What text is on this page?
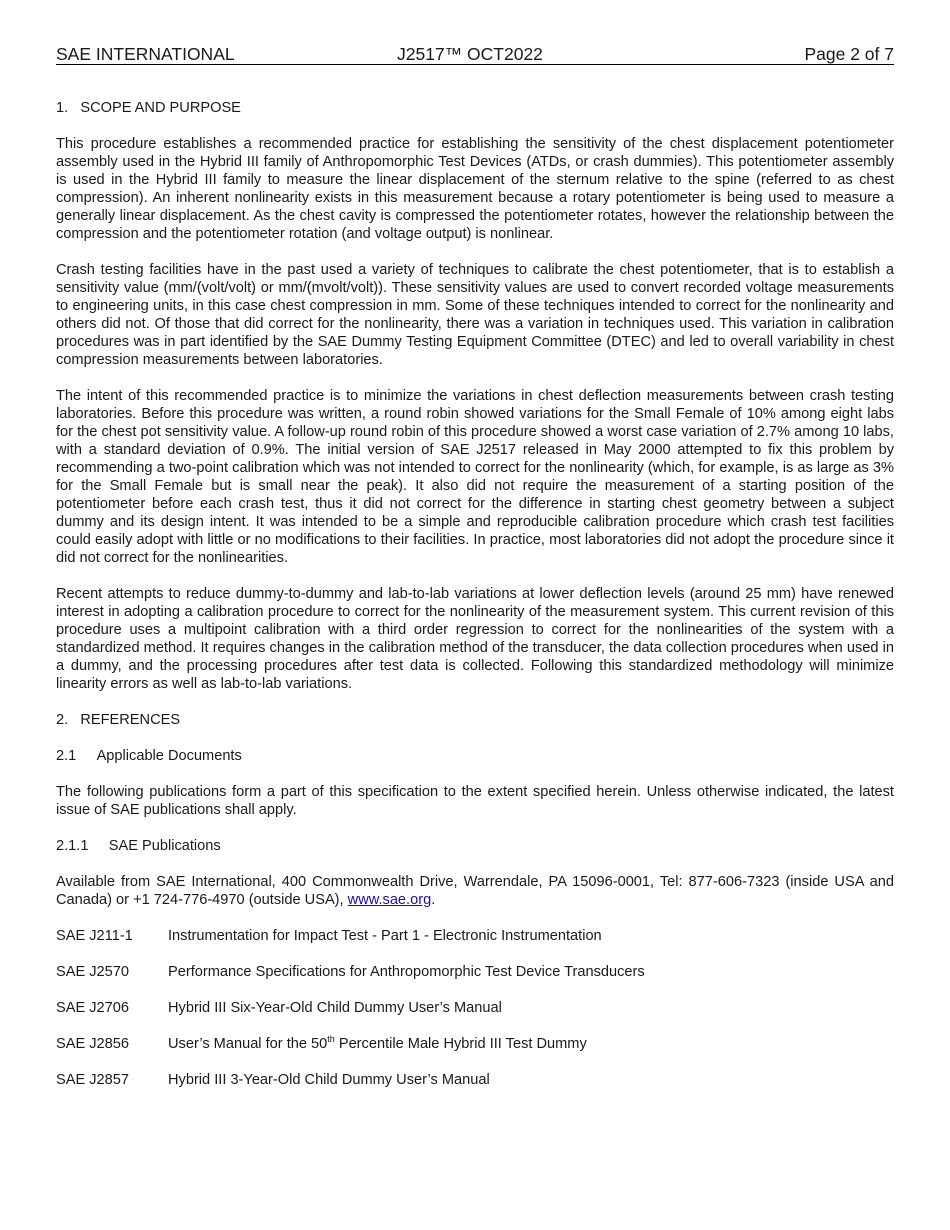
SAE INTERNATIONAL	J2517™ OCT2022	Page 2 of 7
1. SCOPE AND PURPOSE

This procedure establishes a recommended practice for establishing the sensitivity of the chest displacement potentiometer assembly used in the Hybrid III family of Anthropomorphic Test Devices (ATDs, or crash dummies). This potentiometer assembly is used in the Hybrid III family to measure the linear displacement of the sternum relative to the spine (referred to as chest compression). An inherent nonlinearity exists in this measurement because a rotary potentiometer is being used to measure a generally linear displacement. As the chest cavity is compressed the potentiometer rotates, however the relationship between the compression and the potentiometer rotation (and voltage output) is nonlinear.

Crash testing facilities have in the past used a variety of techniques to calibrate the chest potentiometer, that is to establish a sensitivity value (mm/(volt/volt) or mm/(mvolt/volt)). These sensitivity values are used to convert recorded voltage measurements to engineering units, in this case chest compression in mm. Some of these techniques intended to correct for the nonlinearity and others did not. Of those that did correct for the nonlinearity, there was a variation in techniques used. This variation in calibration procedures was in part identified by the SAE Dummy Testing Equipment Committee (DTEC) and led to overall variability in chest compression measurements between laboratories.

The intent of this recommended practice is to minimize the variations in chest deflection measurements between crash testing laboratories. Before this procedure was written, a round robin showed variations for the Small Female of 10% among eight labs for the chest pot sensitivity value. A follow-up round robin of this procedure showed a worst case variation of 2.7% among 10 labs, with a standard deviation of 0.9%. The initial version of SAE J2517 released in May 2000 attempted to fix this problem by recommending a two-point calibration which was not intended to correct for the nonlinearity (which, for example, is as large as 3% for the Small Female but is small near the peak). It also did not require the measurement of a starting position of the potentiometer before each crash test, thus it did not correct for the difference in starting chest geometry between a subject dummy and its design intent. It was intended to be a simple and reproducible calibration procedure which crash test facilities could easily adopt with little or no modifications to their facilities. In practice, most laboratories did not adopt the procedure since it did not correct for the nonlinearities.

Recent attempts to reduce dummy-to-dummy and lab-to-lab variations at lower deflection levels (around 25 mm) have renewed interest in adopting a calibration procedure to correct for the nonlinearity of the measurement system. This current revision of this procedure uses a multipoint calibration with a third order regression to correct for the nonlinearities of the system with a standardized method. It requires changes in the calibration method of the transducer, the data collection procedures when used in a dummy, and the processing procedures after test data is collected. Following this standardized methodology will minimize linearity errors as well as lab-to-lab variations.

2. REFERENCES
2.1 Applicable Documents

The following publications form a part of this specification to the extent specified herein. Unless otherwise indicated, the latest issue of SAE publications shall apply.

2.1.1 SAE Publications

Available from SAE International, 400 Commonwealth Drive, Warrendale, PA 15096-0001, Tel: 877-606-7323 (inside USA and Canada) or +1 724-776-4970 (outside USA), www.sae.org.

SAE J211-1	Instrumentation for Impact Test - Part 1 - Electronic Instrumentation
SAE J2570	Performance Specifications for Anthropomorphic Test Device Transducers
SAE J2706	Hybrid III Six-Year-Old Child Dummy User’s Manual
SAE J2856	User’s Manual for the 50th Percentile Male Hybrid III Test Dummy
SAE J2857	Hybrid III 3-Year-Old Child Dummy User’s Manual
